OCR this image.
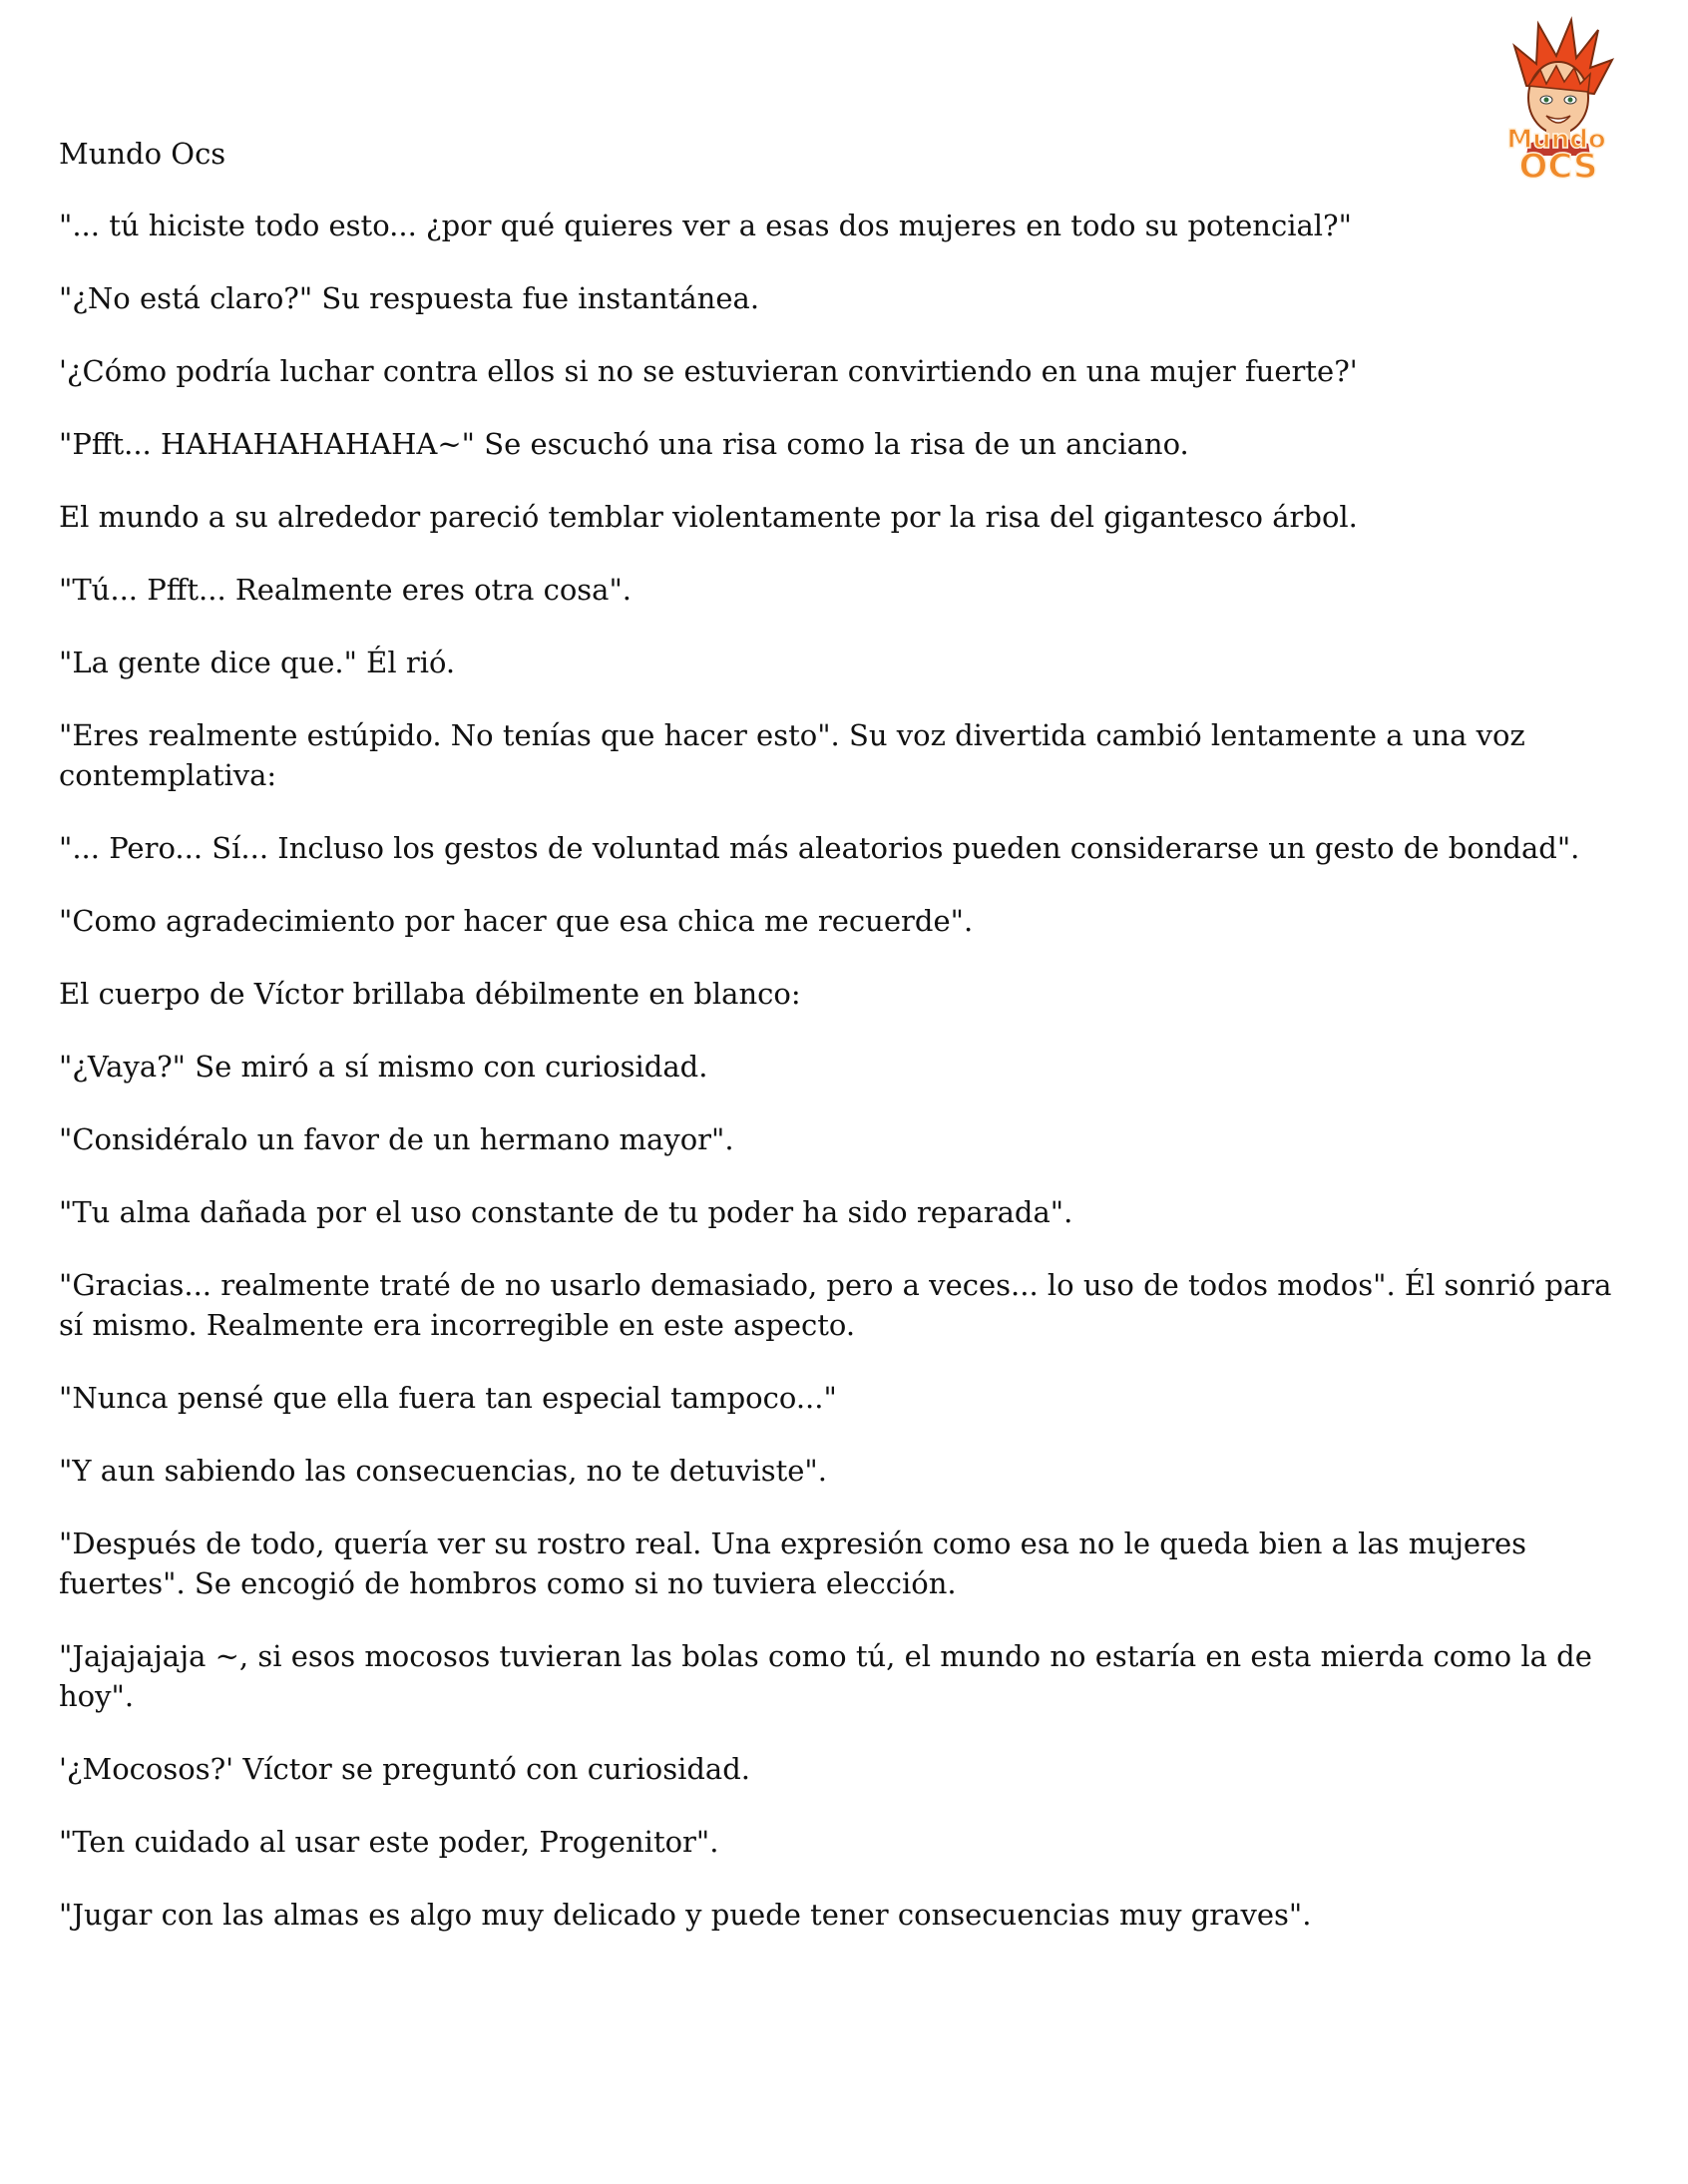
Mundo
OCS
Mundo Ocs

"... tú hiciste todo esto... ¿por qué quieres ver a esas dos mujeres en todo su potencial?"

"¿No está claro?" Su respuesta fue instantánea.

'¿Cómo podría luchar contra ellos si no se estuvieran convirtiendo en una mujer fuerte?'

"Pfft... HAHAHAHAHAHA~" Se escuchó una risa como la risa de un anciano.

El mundo a su alrededor pareció temblar violentamente por la risa del gigantesco árbol.

"Tú... Pfft... Realmente eres otra cosa".

"La gente dice que." Él rió.

"Eres realmente estúpido. No tenías que hacer esto". Su voz divertida cambió lentamente a una voz contemplativa:

"... Pero... Sí... Incluso los gestos de voluntad más aleatorios pueden considerarse un gesto de bondad".

"Como agradecimiento por hacer que esa chica me recuerde".

El cuerpo de Víctor brillaba débilmente en blanco:

"¿Vaya?" Se miró a sí mismo con curiosidad.

"Considéralo un favor de un hermano mayor".

"Tu alma dañada por el uso constante de tu poder ha sido reparada".

"Gracias... realmente traté de no usarlo demasiado, pero a veces... lo uso de todos modos". Él sonrió para sí mismo. Realmente era incorregible en este aspecto.

"Nunca pensé que ella fuera tan especial tampoco..."

"Y aun sabiendo las consecuencias, no te detuviste".

"Después de todo, quería ver su rostro real. Una expresión como esa no le queda bien a las mujeres fuertes". Se encogió de hombros como si no tuviera elección.

"Jajajajaja ~, si esos mocosos tuvieran las bolas como tú, el mundo no estaría en esta mierda como la de hoy".

'¿Mocosos?' Víctor se preguntó con curiosidad.

"Ten cuidado al usar este poder, Progenitor".

"Jugar con las almas es algo muy delicado y puede tener consecuencias muy graves".
